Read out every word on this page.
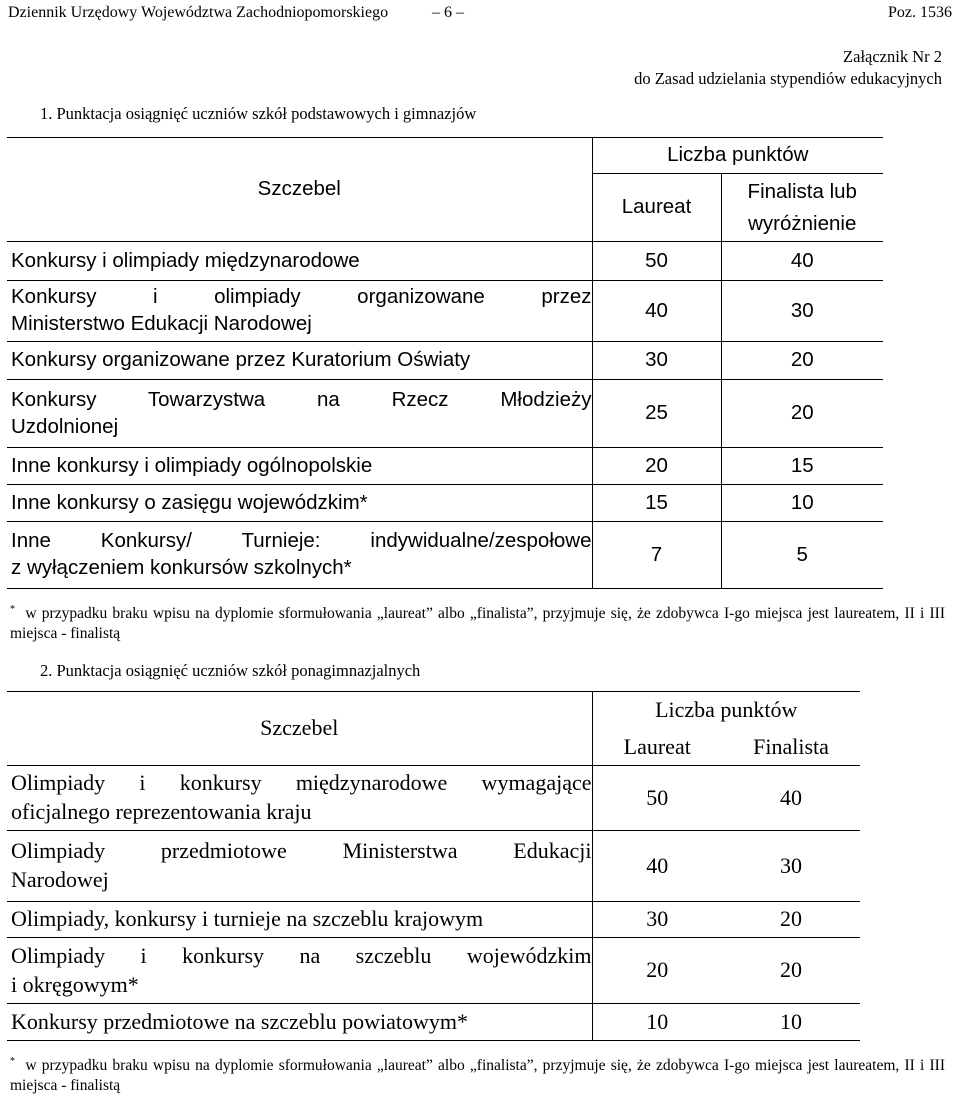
Dziennik Urzędowy Województwa Zachodniopomorskiego	– 6 –	Poz. 1536
Załącznik Nr 2
do Zasad udzielania stypendiów edukacyjnych
1. Punktacja osiągnięć uczniów szkół podstawowych i gimnazjów
Szczebel	Liczba punktów	
	Laureat	Finalista lub
wyróżnienie

Konkursy i olimpiady międzynarodowe	50	40
Konkursy i olimpiady organizowane przez
Ministerstwo Edukacji Narodowej	40	30
Konkursy organizowane przez Kuratorium Oświaty	30	20
Konkursy Towarzystwa na Rzecz Młodzieży
Uzdolnionej	25	20
Inne konkursy i olimpiady ogólnopolskie	20	15
Inne konkursy o zasięgu wojewódzkim*	15	10
Inne Konkursy/ Turnieje: indywidualne/zespołowe
z wyłączeniem konkursów szkolnych*	7	5
* w przypadku braku wpisu na dyplomie sformułowania „laureat” albo „finalista”, przyjmuje się, że zdobywca I-go miejsca jest laureatem, II i III miejsca - finalistą
2. Punktacja osiągnięć uczniów szkół ponagimnazjalnych
Szczebel	Liczba punktów	
	Laureat	Finalista
Olimpiady i konkursy międzynarodowe wymagające
oficjalnego reprezentowania kraju	50	40
Olimpiady przedmiotowe Ministerstwa Edukacji
Narodowej	40	30
Olimpiady, konkursy i turnieje na szczeblu krajowym	30	20
Olimpiady i konkursy na szczeblu wojewódzkim
i okręgowym*	20	20
Konkursy przedmiotowe na szczeblu powiatowym*	10	10
* w przypadku braku wpisu na dyplomie sformułowania „laureat” albo „finalista”, przyjmuje się, że zdobywca I-go miejsca jest laureatem, II i III miejsca - finalistą
